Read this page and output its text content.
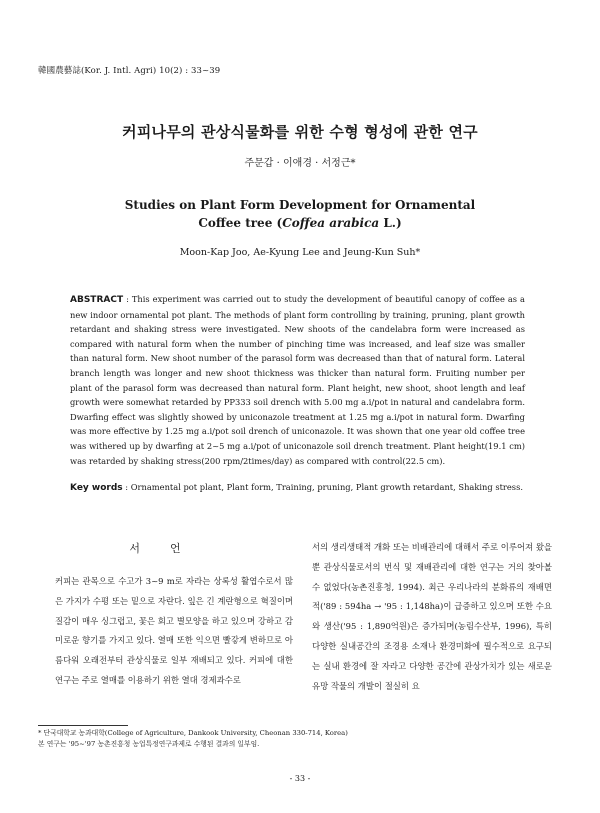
韓國農藝誌(Kor. J. Intl. Agri) 10(2) : 33~39
커피나무의 관상식물화를 위한 수형 형성에 관한 연구
주문갑 · 이애경 · 서정근*
Studies on Plant Form Development for Ornamental
Coffee tree (Coffea arabica L.)
Moon-Kap Joo, Ae-Kyung Lee and Jeung-Kun Suh*
ABSTRACT : This experiment was carried out to study the development of beautiful canopy of coffee as a new indoor ornamental pot plant. The methods of plant form controlling by training, pruning, plant growth retardant and shaking stress were investigated. New shoots of the candelabra form were increased as compared with natural form when the number of pinching time was increased, and leaf size was smaller than natural form. New shoot number of the parasol form was decreased than that of natural form. Lateral branch length was longer and new shoot thickness was thicker than natural form. Fruiting number per plant of the parasol form was decreased than natural form. Plant height, new shoot, shoot length and leaf growth were somewhat retarded by PP333 soil drench with 5.00 mg a.i/pot in natural and candelabra form. Dwarfing effect was slightly showed by uniconazole treatment at 1.25 mg a.i/pot in natural form. Dwarfing was more effective by 1.25 mg a.i/pot soil drench of uniconazole. It was shown that one year old coffee tree was withered up by dwarfing at 2~5 mg a.i/pot of uniconazole soil drench treatment. Plant height(19.1 cm) was retarded by shaking stress(200 rpm/2times/day) as compared with control(22.5 cm).
Key words : Ornamental pot plant, Plant form, Training, pruning, Plant growth retardant, Shaking stress.
서언
커피는 관목으로 수고가 3~9 m로 자라는 상록성 활엽수로서 많은 가지가 수평 또는 밑으로 자란다. 잎은 긴 계란형으로 혁질이며 질감이 매우 싱그럽고, 꽃은 회고 별모양을 하고 있으며 강하고 감미로운 향기를 가지고 있다. 열매 또한 익으면 빨갛게 변하므로 아름다워 오래전부터 관상식물로 일부 재배되고 있다. 커피에 대한 연구는 주로 열매를 이용하기 위한 열대 경제과수로
서의 생리생태적 개화 또는 비배관리에 대해서 주로 이루어져 왔을뿐 관상식물로서의 번식 및 재배관리에 대한 연구는 거의 찾아볼 수 없었다(농촌진흥청, 1994). 최근 우리나라의 분화류의 재배면적('89 : 594ha → '95 : 1,148ha)이 급증하고 있으며 또한 수요와 생산('95 : 1,890억원)은 증가되며(농림수산부, 1996), 특히 다양한 실내공간의 조경용 소재나 환경미화에 필수적으로 요구되는 실내 환경에 잘 자라고 다양한 공간에 관상가치가 있는 새로운 유망 작물의 개발이 절실히 요
* 단국대학교 농과대학(College of Agriculture, Dankook University, Cheonan 330-714, Korea)
본 연구는 '95~'97 농촌진흥청 농업특정연구과제로 수행된 결과의 일부임.
- 33 -
